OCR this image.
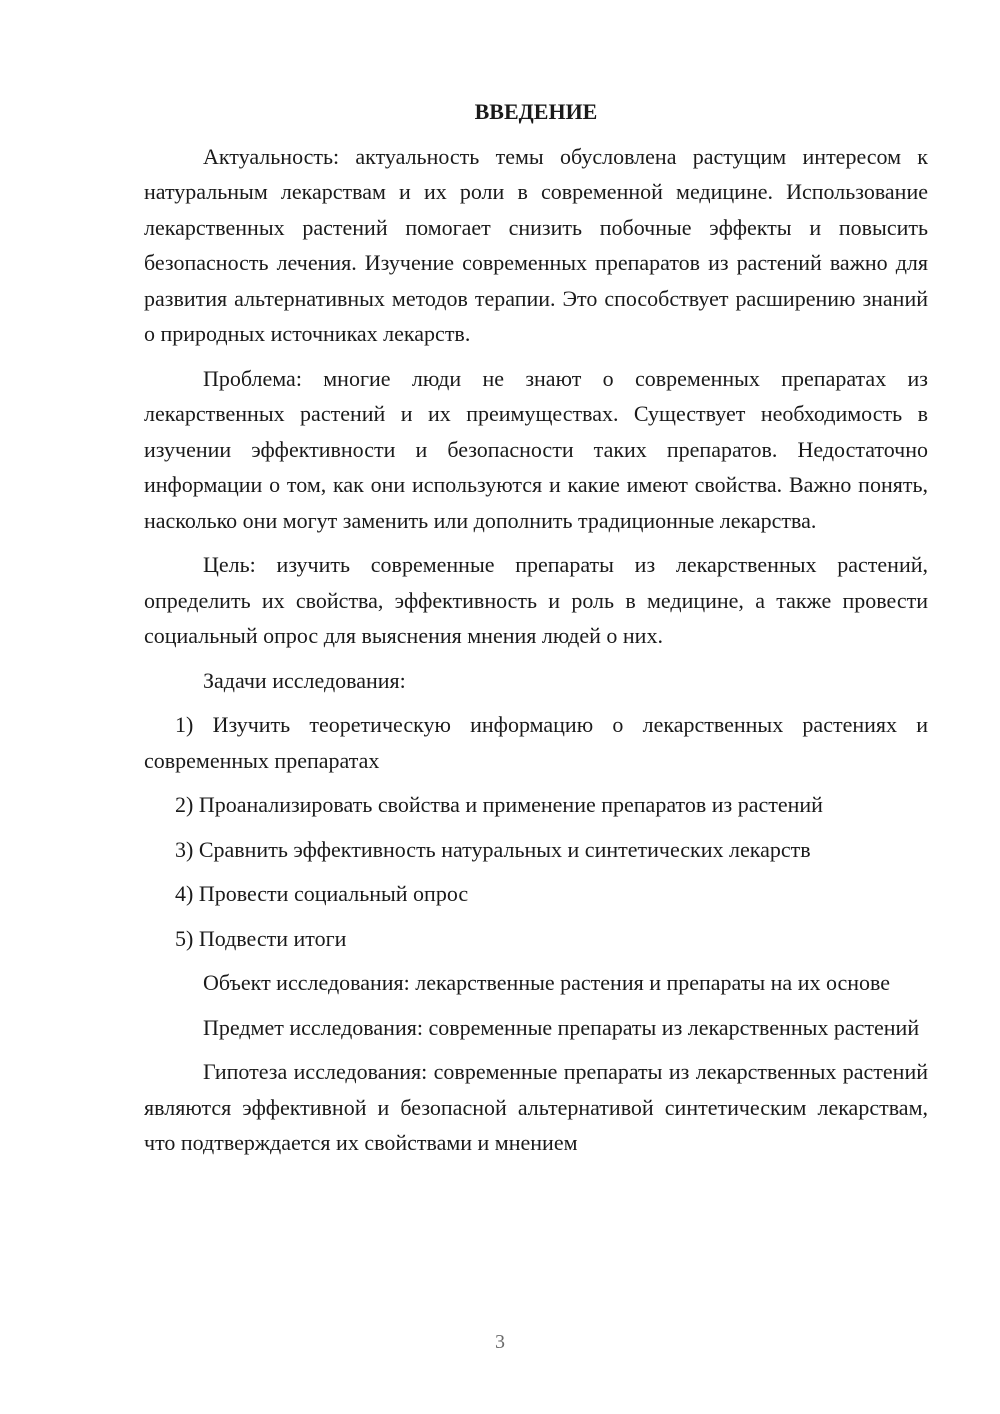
ВВЕДЕНИЕ

Актуальность: актуальность темы обусловлена растущим интересом к натуральным лекарствам и их роли в современной медицине. Использование лекарственных растений помогает снизить побочные эффекты и повысить безопасность лечения. Изучение современных препаратов из растений важно для развития альтернативных методов терапии. Это способствует расширению знаний о природных источниках лекарств.

Проблема: многие люди не знают о современных препаратах из лекарственных растений и их преимуществах. Существует необходимость в изучении эффективности и безопасности таких препаратов. Недостаточно информации о том, как они используются и какие имеют свойства. Важно понять, насколько они могут заменить или дополнить традиционные лекарства.

Цель: изучить современные препараты из лекарственных растений, определить их свойства, эффективность и роль в медицине, а также провести социальный опрос для выяснения мнения людей о них.

Задачи исследования:

1) Изучить теоретическую информацию о лекарственных растениях и современных препаратах
2) Проанализировать свойства и применение препаратов из растений
3) Сравнить эффективность натуральных и синтетических лекарств
4) Провести социальный опрос
5) Подвести итоги

Объект исследования: лекарственные растения и препараты на их основе

Предмет исследования: современные препараты из лекарственных растений

Гипотеза исследования: современные препараты из лекарственных растений являются эффективной и безопасной альтернативой синтетическим лекарствам, что подтверждается их свойствами и мнением

3
